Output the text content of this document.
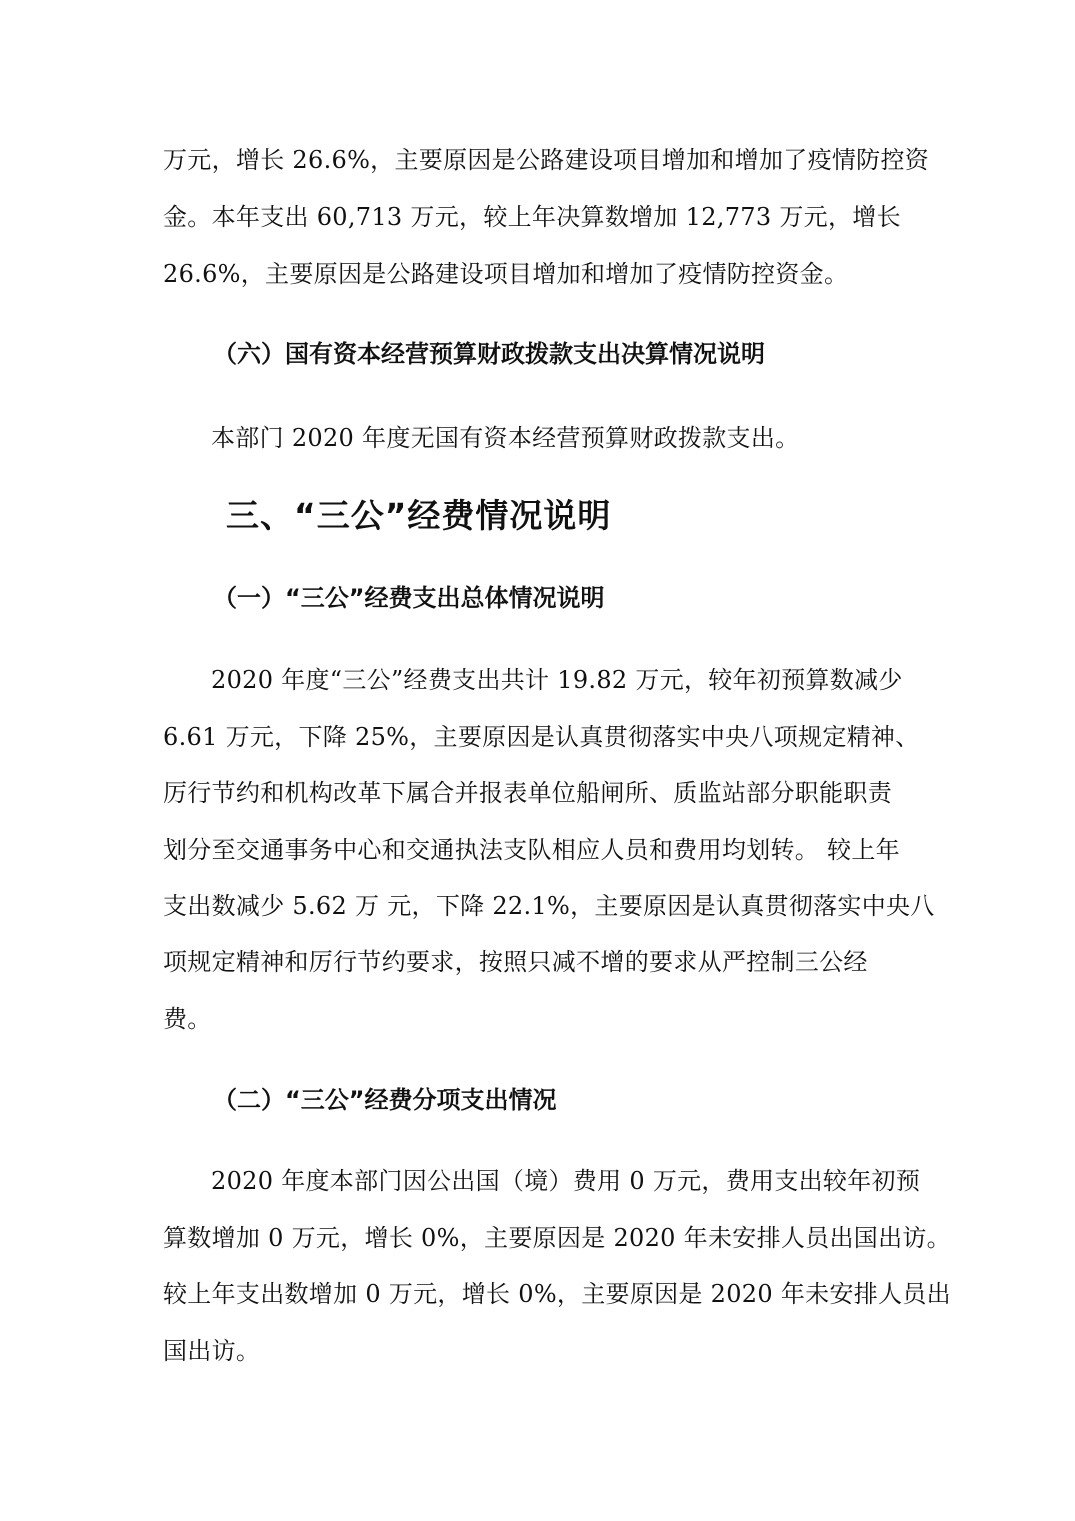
万元，增长 26.6%，主要原因是公路建设项目增加和增加了疫情防控资

金。本年支出 60,713 万元，较上年决算数增加 12,773 万元，增长

26.6%，主要原因是公路建设项目增加和增加了疫情防控资金。

（六）国有资本经营预算财政拨款支出决算情况说明

本部门 2020 年度无国有资本经营预算财政拨款支出。

三、“三公”经费情况说明
（一）“三公”经费支出总体情况说明

2020 年度“三公”经费支出共计 19.82 万元，较年初预算数减少

6.61 万元，下降 25%，主要原因是认真贯彻落实中央八项规定精神、

厉行节约和机构改革下属合并报表单位船闸所、质监站部分职能职责

划分至交通事务中心和交通执法支队相应人员和费用均划转。 较上年

支出数减少 5.62 万 元，下降 22.1%，主要原因是认真贯彻落实中央八

项规定精神和厉行节约要求，按照只减不增的要求从严控制三公经

费。

（二）“三公”经费分项支出情况

2020 年度本部门因公出国（境）费用 0 万元，费用支出较年初预

算数增加 0 万元，增长 0%，主要原因是 2020 年未安排人员出国出访。

较上年支出数增加 0 万元，增长 0%，主要原因是 2020 年未安排人员出

国出访。
